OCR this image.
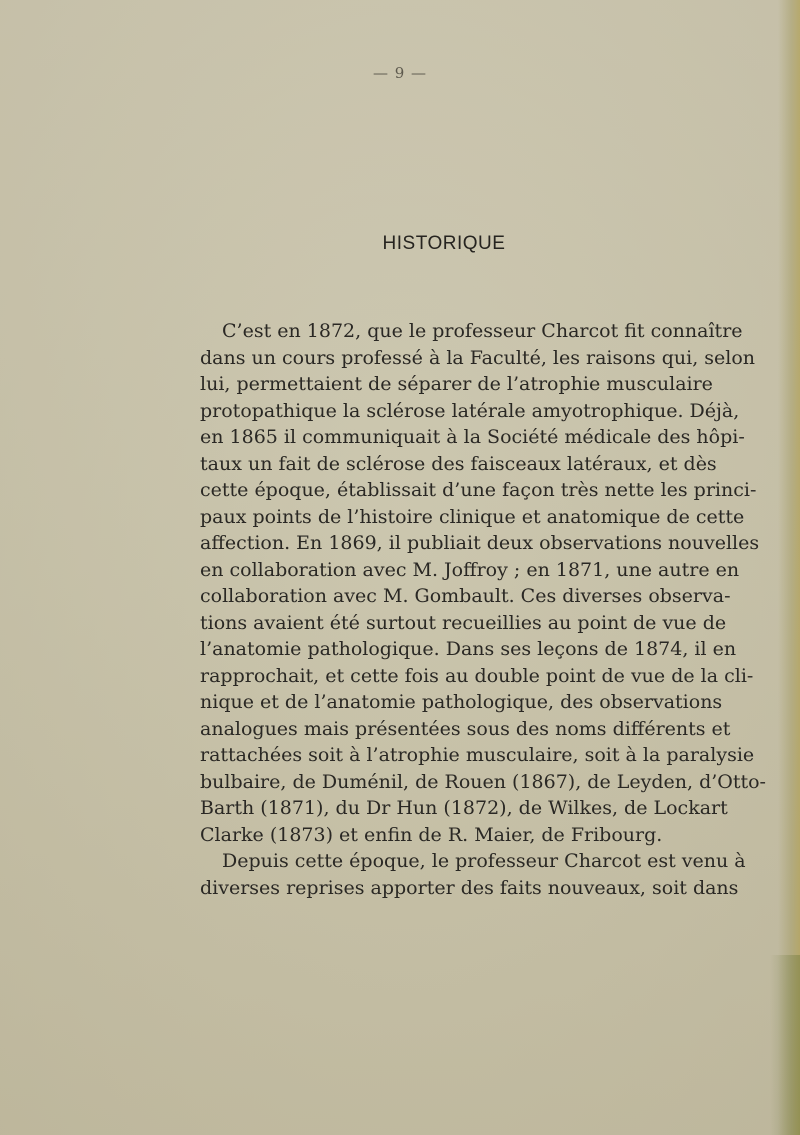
— 9 —
HISTORIQUE
C’est en 1872, que le professeur Charcot fit connaître
dans un cours professé à la Faculté, les raisons qui, selon
lui, permettaient de séparer de l’atrophie musculaire
protopathique la sclérose latérale amyotrophique. Déjà,
en 1865 il communiquait à la Société médicale des hôpi-
taux un fait de sclérose des faisceaux latéraux, et dès
cette époque, établissait d’une façon très nette les princi-
paux points de l’histoire clinique et anatomique de cette
affection. En 1869, il publiait deux observations nouvelles
en collaboration avec M. Joffroy ; en 1871, une autre en
collaboration avec M. Gombault. Ces diverses observa-
tions avaient été surtout recueillies au point de vue de
l’anatomie pathologique. Dans ses leçons de 1874, il en
rapprochait, et cette fois au double point de vue de la cli-
nique et de l’anatomie pathologique, des observations
analogues mais présentées sous des noms différents et
rattachées soit à l’atrophie musculaire, soit à la paralysie
bulbaire, de Duménil, de Rouen (1867), de Leyden, d’Otto-
Barth (1871), du Dr Hun (1872), de Wilkes, de Lockart
Clarke (1873) et enfin de R. Maier, de Fribourg.
Depuis cette époque, le professeur Charcot est venu à
diverses reprises apporter des faits nouveaux, soit dans
